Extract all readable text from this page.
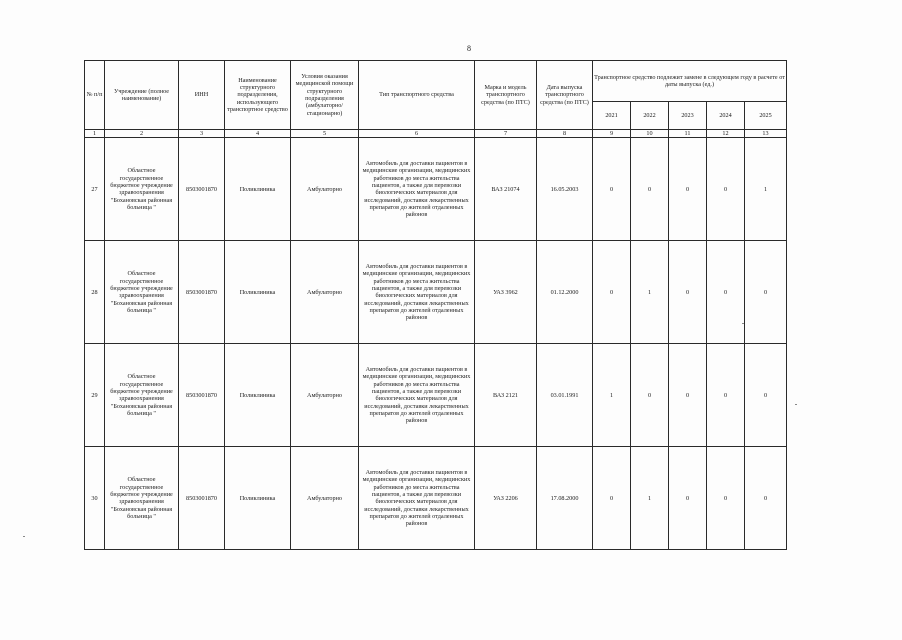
8
№ п/п	Учреждение (полное наименование)	ИНН	Наименование структурного подразделения, использующего транспортное средство	Условия оказания медицинской помощи структурного подразделения (амбулаторно/ стационарно)	Тип транспортного средства	Марка и модель транспортного средства (по ПТС)	Дата выпуска транспортного средства (по ПТС)	Транспортное средство подлежит замене в следующем году в расчете от даты выпуска (ед.)				
								2021	2022	2023	2024	2025
1	2	3	4	5	6	7	8	9	10	11	12	13
27	Областное государственное бюджетное учреждение здравоохранения "Бохановская районная больница "	8503001870	Поликлиника	Амбулаторно	Автомобиль для доставки пациентов в медицинские организации, медицинских работников до места жительства пациентов, а также для перевозки биологических материалов для исследований, доставки лекарственных препаратов до жителей отдаленных районов	ВАЗ 21074	16.05.2003	0	0	0	0	1
28	Областное государственное бюджетное учреждение здравоохранения "Бохановская районная больница "	8503001870	Поликлиника	Амбулаторно	Автомобиль для доставки пациентов в медицинские организации, медицинских работников до места жительства пациентов, а также для перевозки биологических материалов для исследований, доставки лекарственных препаратов до жителей отдаленных районов	УАЗ 3962	01.12.2000	0	1	0	0	0
29	Областное государственное бюджетное учреждение здравоохранения "Бохановская районная больница "	8503001870	Поликлиника	Амбулаторно	Автомобиль для доставки пациентов в медицинские организации, медицинских работников до места жительства пациентов, а также для перевозки биологических материалов для исследований, доставки лекарственных препаратов до жителей отдаленных районов	ВАЗ 2121	03.01.1991	1	0	0	0	0
30	Областное государственное бюджетное учреждение здравоохранения "Бохановская районная больница "	8503001870	Поликлиника	Амбулаторно	Автомобиль для доставки пациентов в медицинские организации, медицинских работников до места жительства пациентов, а также для перевозки биологических материалов для исследований, доставки лекарственных препаратов до жителей отдаленных районов	УАЗ 2206	17.08.2000	0	1	0	0	0
